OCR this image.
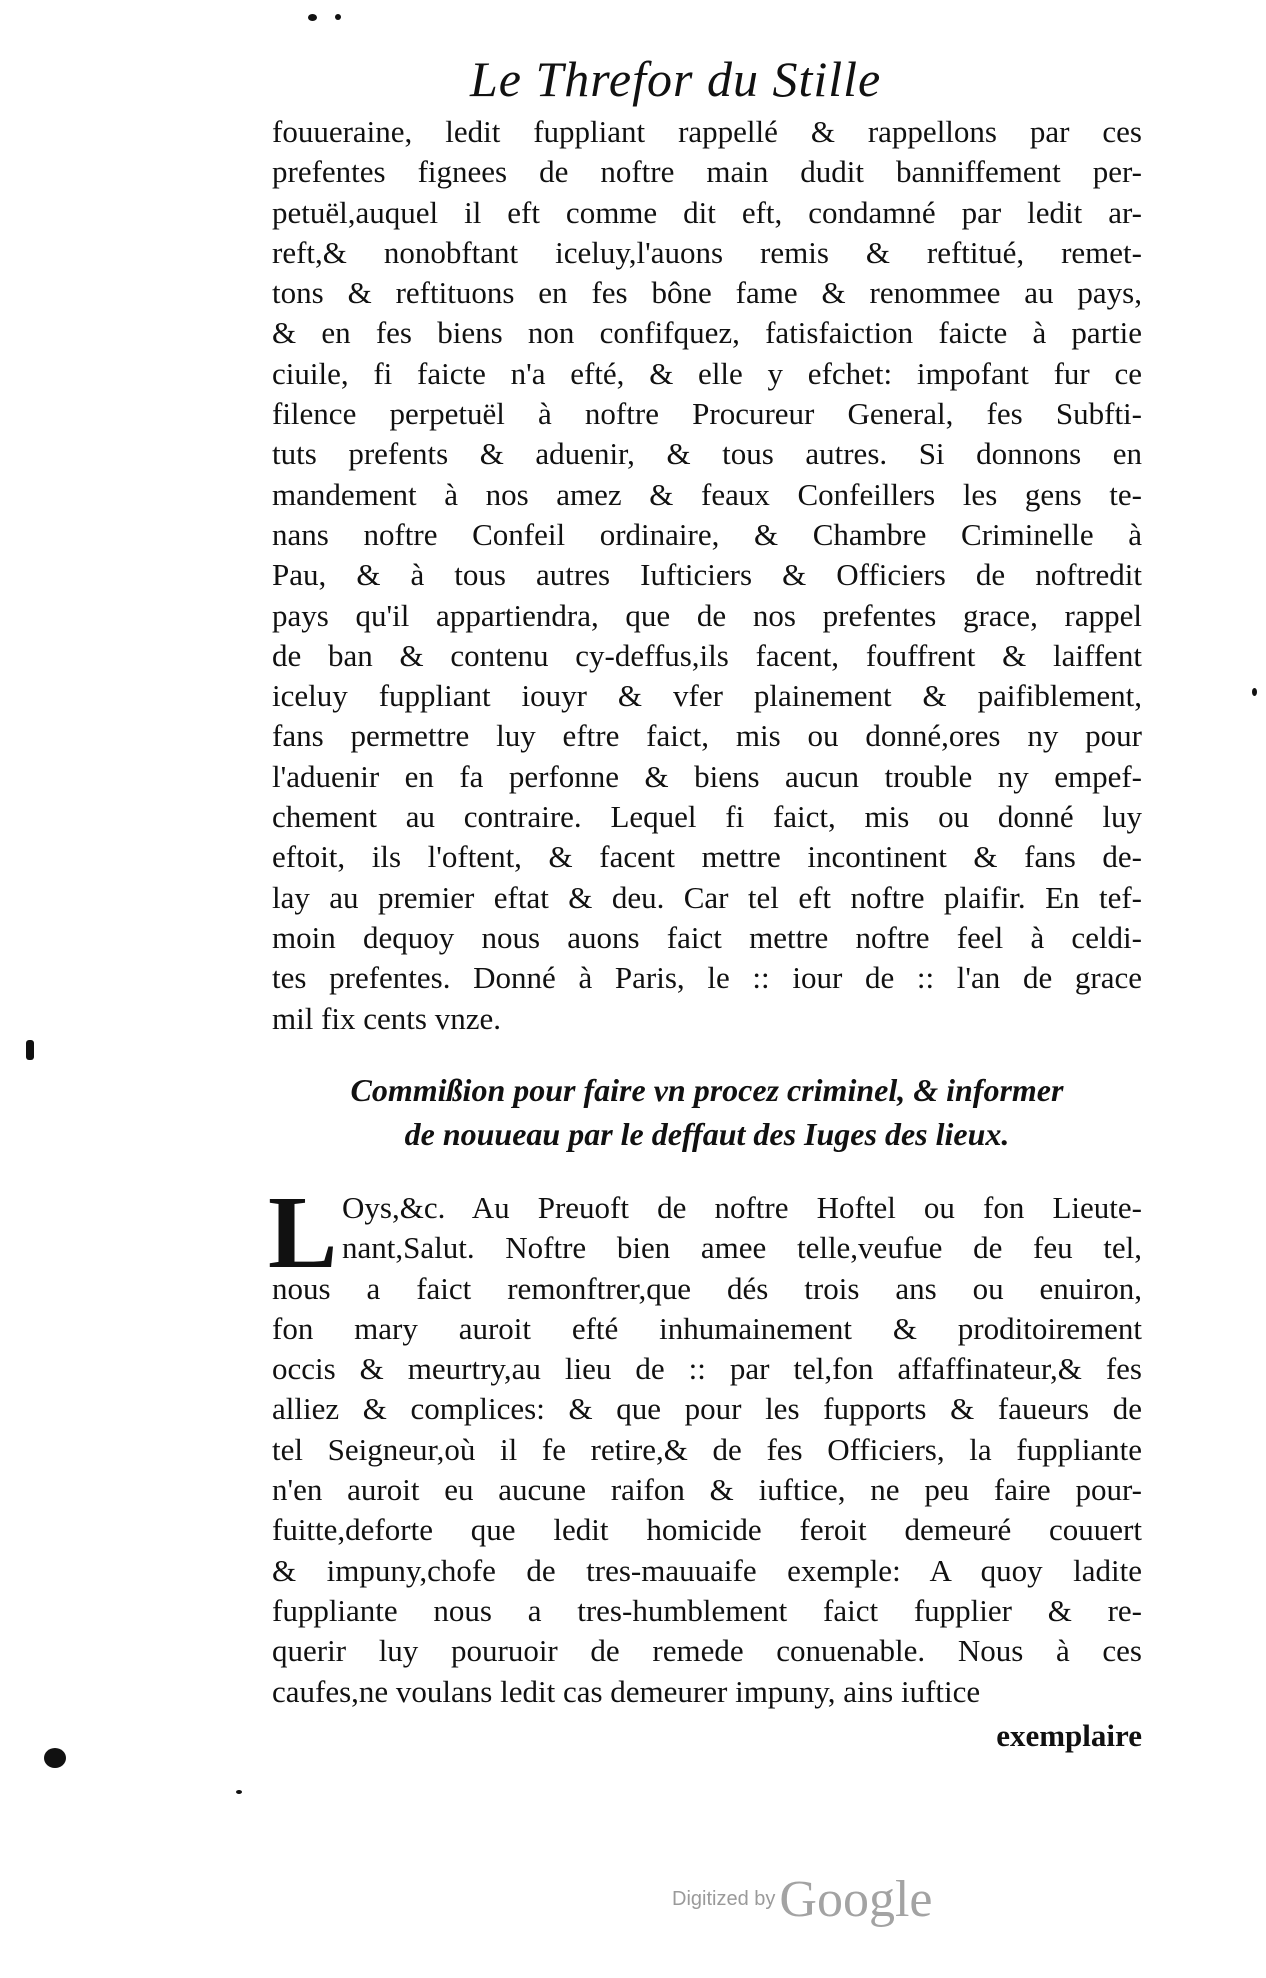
Le Threfor du Stille
fouueraine, ledit fuppliant rappellé & rappellons par ces
prefentes fignees de noftre main dudit banniffement per-
petuël,auquel il eft comme dit eft, condamné par ledit ar-
reft,& nonobftant iceluy,l'auons remis & reftitué, remet-
tons & reftituons en fes bône fame & renommee au pays,
& en fes biens non confifquez, fatisfaiction faicte à partie
ciuile, fi faicte n'a efté, & elle y efchet: impofant fur ce
filence perpetuël à noftre Procureur General, fes Subfti-
tuts prefents & aduenir, & tous autres. Si donnons en
mandement à nos amez & feaux Confeillers les gens te-
nans noftre Confeil ordinaire, & Chambre Criminelle à
Pau, & à tous autres Iufticiers & Officiers de noftredit
pays qu'il appartiendra, que de nos prefentes grace, rappel
de ban & contenu cy-deffus,ils facent, fouffrent & laiffent
iceluy fuppliant iouyr & vfer plainement & paifiblement,
fans permettre luy eftre faict, mis ou donné,ores ny pour
l'aduenir en fa perfonne & biens aucun trouble ny empef-
chement au contraire. Lequel fi faict, mis ou donné luy
eftoit, ils l'oftent, & facent mettre incontinent & fans de-
lay au premier eftat & deu. Car tel eft noftre plaifir. En tef-
moin dequoy nous auons faict mettre noftre feel à celdi-
tes prefentes. Donné à Paris, le :: iour de :: l'an de grace
mil fix cents vnze.
Commißion pour faire vn procez criminel, & informer
de nouueau par le deffaut des Iuges des lieux.
L Oys,&c. Au Preuoft de noftre Hoftel ou fon Lieute-
nant,Salut. Noftre bien amee telle,veufue de feu tel,
nous a faict remonftrer,que dés trois ans ou enuiron,
fon mary auroit efté inhumainement & proditoirement
occis & meurtry,au lieu de :: par tel,fon affaffinateur,& fes
alliez & complices: & que pour les fupports & faueurs de
tel Seigneur,où il fe retire,& de fes Officiers, la fuppliante
n'en auroit eu aucune raifon & iuftice, ne peu faire pour-
fuitte,deforte que ledit homicide feroit demeuré couuert
& impuny,chofe de tres-mauuaife exemple: A quoy ladite
fuppliante nous a tres-humblement faict fupplier & re-
querir luy pouruoir de remede conuenable. Nous à ces
caufes,ne voulans ledit cas demeurer impuny, ains iuftice
exemplaire
Digitized by Google
